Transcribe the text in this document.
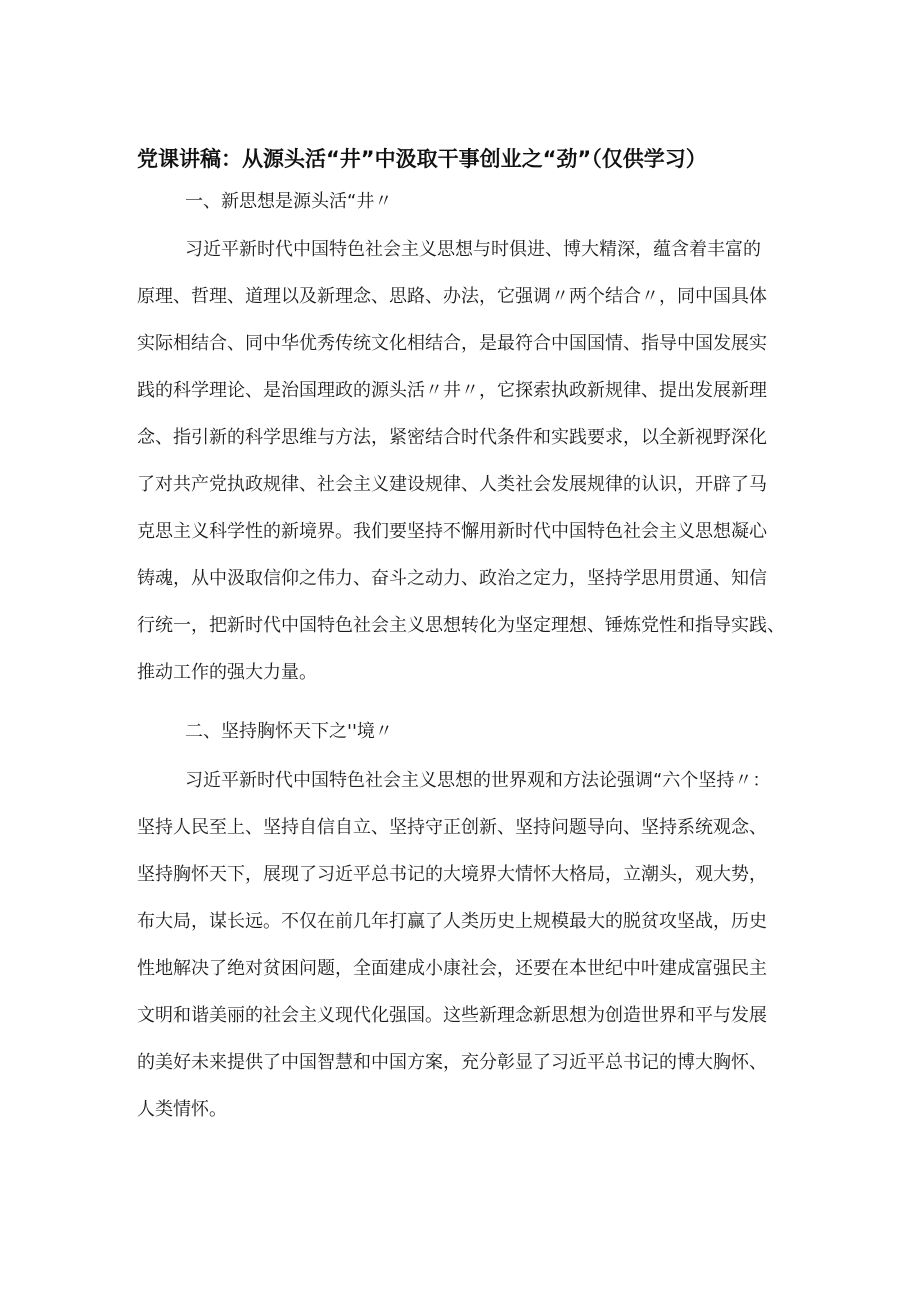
党课讲稿：从源头活“井”中汲取干事创业之“劲”（仅供学习）
一、新思想是源头活“井〃
习近平新时代中国特色社会主义思想与时俱进、博大精深，蕴含着丰富的
原理、哲理、道理以及新理念、思路、办法，它强调〃两个结合〃，同中国具体
实际相结合、同中华优秀传统文化相结合，是最符合中国国情、指导中国发展实
践的科学理论、是治国理政的源头活〃井〃，它探索执政新规律、提出发展新理
念、指引新的科学思维与方法，紧密结合时代条件和实践要求，以全新视野深化
了对共产党执政规律、社会主义建设规律、人类社会发展规律的认识，开辟了马
克思主义科学性的新境界。我们要坚持不懈用新时代中国特色社会主义思想凝心
铸魂，从中汲取信仰之伟力、奋斗之动力、政治之定力，坚持学思用贯通、知信
行统一，把新时代中国特色社会主义思想转化为坚定理想、锤炼党性和指导实践、
推动工作的强大力量。
二、坚持胸怀天下之''境〃
习近平新时代中国特色社会主义思想的世界观和方法论强调“六个坚持〃：
坚持人民至上、坚持自信自立、坚持守正创新、坚持问题导向、坚持系统观念、
坚持胸怀天下，展现了习近平总书记的大境界大情怀大格局，立潮头，观大势，
布大局，谋长远。不仅在前几年打赢了人类历史上规模最大的脱贫攻坚战，历史
性地解决了绝对贫困问题，全面建成小康社会，还要在本世纪中叶建成富强民主
文明和谐美丽的社会主义现代化强国。这些新理念新思想为创造世界和平与发展
的美好未来提供了中国智慧和中国方案，充分彰显了习近平总书记的博大胸怀、
人类情怀。
